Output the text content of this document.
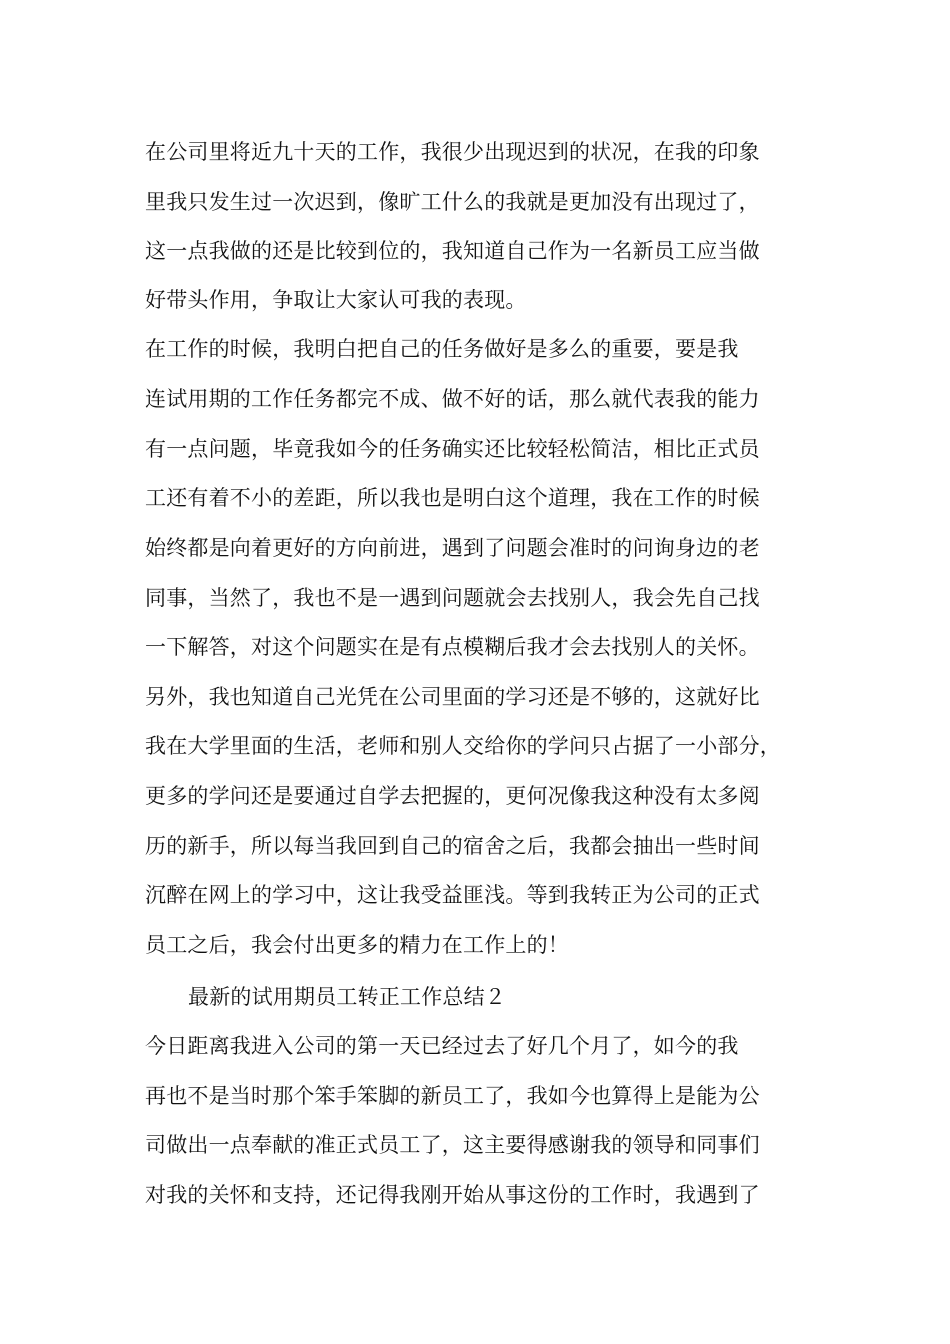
在公司里将近九十天的工作，我很少出现迟到的状况，在我的印象
里我只发生过一次迟到，像旷工什么的我就是更加没有出现过了，
这一点我做的还是比较到位的，我知道自己作为一名新员工应当做
好带头作用，争取让大家认可我的表现。
在工作的时候，我明白把自己的任务做好是多么的重要，要是我
连试用期的工作任务都完不成、做不好的话，那么就代表我的能力
有一点问题，毕竟我如今的任务确实还比较轻松简洁，相比正式员
工还有着不小的差距，所以我也是明白这个道理，我在工作的时候
始终都是向着更好的方向前进，遇到了问题会准时的问询身边的老
同事，当然了，我也不是一遇到问题就会去找别人，我会先自己找
一下解答，对这个问题实在是有点模糊后我才会去找别人的关怀。
另外，我也知道自己光凭在公司里面的学习还是不够的，这就好比
我在大学里面的生活，老师和别人交给你的学问只占据了一小部分，
更多的学问还是要通过自学去把握的，更何况像我这种没有太多阅
历的新手，所以每当我回到自己的宿舍之后，我都会抽出一些时间
沉醉在网上的学习中，这让我受益匪浅。等到我转正为公司的正式
员工之后，我会付出更多的精力在工作上的！
最新的试用期员工转正工作总结２
今日距离我进入公司的第一天已经过去了好几个月了，如今的我
再也不是当时那个笨手笨脚的新员工了，我如今也算得上是能为公
司做出一点奉献的准正式员工了，这主要得感谢我的领导和同事们
对我的关怀和支持，还记得我刚开始从事这份的工作时，我遇到了
